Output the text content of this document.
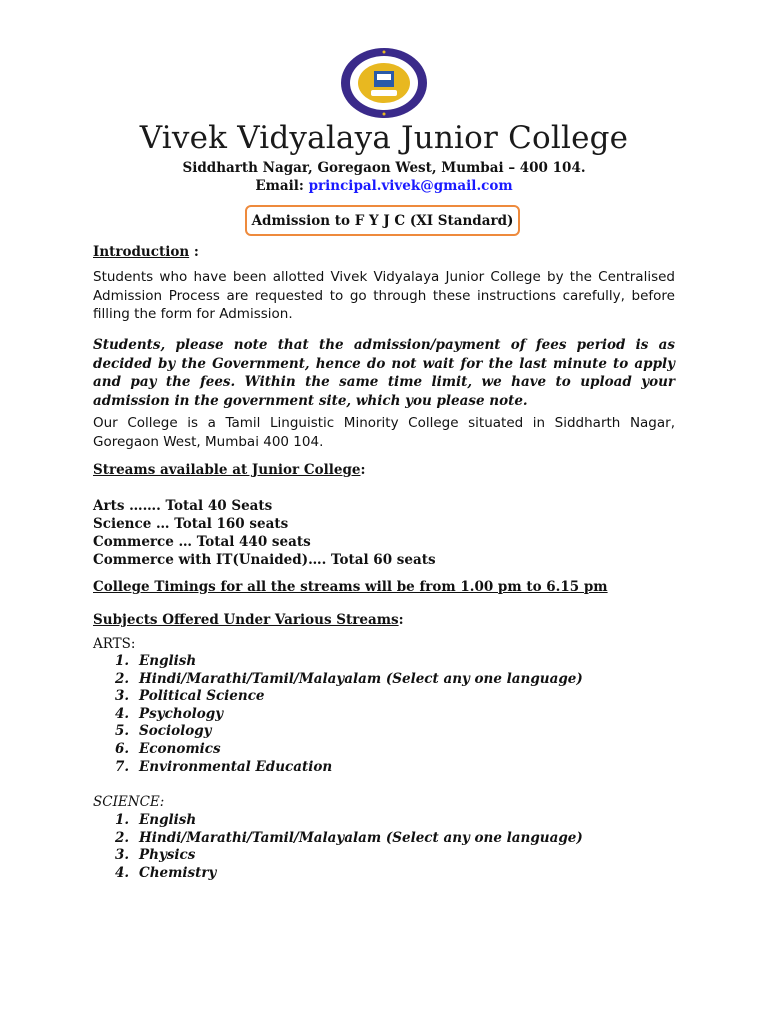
Vivek Vidyalaya Junior College
Siddharth Nagar, Goregaon West, Mumbai – 400 104.
Email: principal.vivek@gmail.com
Admission to F Y J C (XI Standard)
Introduction :

Students who have been allotted Vivek Vidyalaya Junior College by the Centralised Admission Process are requested to go through these instructions carefully, before filling the form for Admission.

Students, please note that the admission/payment of fees period is as decided by the Government, hence do not wait for the last minute to apply and pay the fees. Within the same time limit, we have to upload your admission in the government site, which you please note.

Our College is a Tamil Linguistic Minority College situated in Siddharth Nagar, Goregaon West, Mumbai 400 104.

Streams available at Junior College:
Arts ……. Total 40 Seats
Science … Total 160 seats
Commerce … Total 440 seats
Commerce with IT(Unaided)…. Total 60 seats
College Timings for all the streams will be from 1.00 pm to 6.15 pm
Subjects Offered Under Various Streams:
ARTS:
1. English
2. Hindi/Marathi/Tamil/Malayalam (Select any one language)
3. Political Science
4. Psychology
5. Sociology
6. Economics
7. Environmental Education
SCIENCE:
1. English
2. Hindi/Marathi/Tamil/Malayalam (Select any one language)
3. Physics
4. Chemistry
